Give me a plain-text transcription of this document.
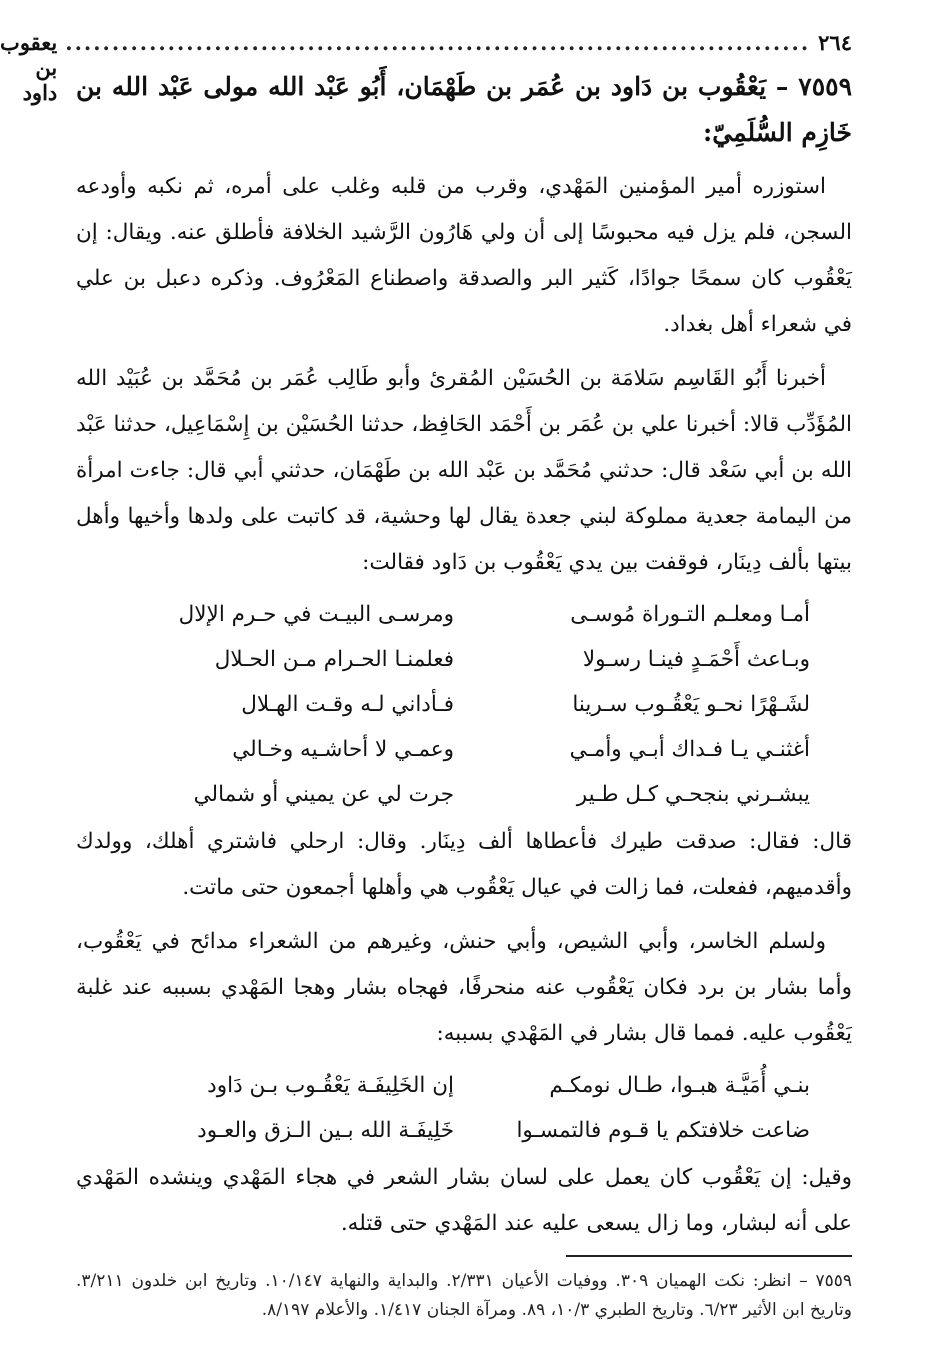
٢٦٤
................................................................................
يعقوب بن داود ٧٥٥٩ – يَعْقُوب بن دَاود بن عُمَر بن طَهْمَان، أَبُو عَبْد الله مولى عَبْد الله بن خَازِم السُّلَمِيّ:

استوزره أمير المؤمنين المَهْدي، وقرب من قلبه وغلب على أمره، ثم نكبه وأودعه السجن، فلم يزل فيه محبوسًا إلى أن ولي هَارُون الرَّشيد الخلافة فأطلق عنه. ويقال: إن يَعْقُوب كان سمحًا جوادًا، كَثير البر والصدقة واصطناع المَعْرُوف. وذكره دعبل بن علي في شعراء أهل بغداد.

أخبرنا أَبُو القَاسِم سَلامَة بن الحُسَيْن المُقرئ وأبو طَالِب عُمَر بن مُحَمَّد بن عُبَيْد الله المُؤَدِّب قالا: أخبرنا علي بن عُمَر بن أَحْمَد الحَافِظ، حدثنا الحُسَيْن بن إِسْمَاعِيل، حدثنا عَبْد الله بن أبي سَعْد قال: حدثني مُحَمَّد بن عَبْد الله بن طَهْمَان، حدثني أبي قال: جاءت امرأة من اليمامة جعدية مملوكة لبني جعدة يقال لها وحشية، قد كاتبت على ولدها وأخيها وأهل بيتها بألف دِينَار، فوقفت بين يدي يَعْقُوب بن دَاود فقالت:

أمـا ومعلـم التـوراة مُوسـى
ومرسـى البيـت في حـرم الإلال
وبـاعث أَحْمَـدٍ فينـا رسـولا
فعلمنـا الحـرام مـن الحـلال
لشَـهْرًا نحـو يَعْقُـوب سـرينا
فـأداني لـه وقـت الهـلال
أغثنـي يـا فـداك أبـي وأمـي
وعمـي لا أحاشـيه وخـالي
يبشـرني بنجحـي كـل طـير
جرت لي عن يميني أو شمالي

قال: فقال: صدقت طيرك فأعطاها ألف دِينَار. وقال: ارحلي فاشتري أهلك، وولدك وأقدميهم، ففعلت، فما زالت في عيال يَعْقُوب هي وأهلها أجمعون حتى ماتت.

ولسلم الخاسر، وأبي الشيص، وأبي حنش، وغيرهم من الشعراء مدائح في يَعْقُوب، وأما بشار بن برد فكان يَعْقُوب عنه منحرفًا، فهجاه بشار وهجا المَهْدي بسببه عند غلبة يَعْقُوب عليه. فمما قال بشار في المَهْدي بسببه:

بنـي أُمَيَّـة هبـوا، طـال نومكـم
إن الخَلِيفَـة يَعْقُـوب بـن دَاود
ضاعت خلافتكم يا قـوم فالتمسـوا
خَلِيفَـة الله بـين الـزق والعـود

وقيل: إن يَعْقُوب كان يعمل على لسان بشار الشعر في هجاء المَهْدي وينشده المَهْدي على أنه لبشار، وما زال يسعى عليه عند المَهْدي حتى قتله.

٧٥٥٩ – انظر: نكت الهميان ٣٠٩. ووفيات الأعيان ٢/٣٣١. والبداية والنهاية ١٠/١٤٧. وتاريخ ابن خلدون ٣/٢١١. وتاريخ ابن الأثير ٦/٢٣. وتاريخ الطبري ١٠/٣، ٨٩. ومرآة الجنان ١/٤١٧. والأعلام ٨/١٩٧.
